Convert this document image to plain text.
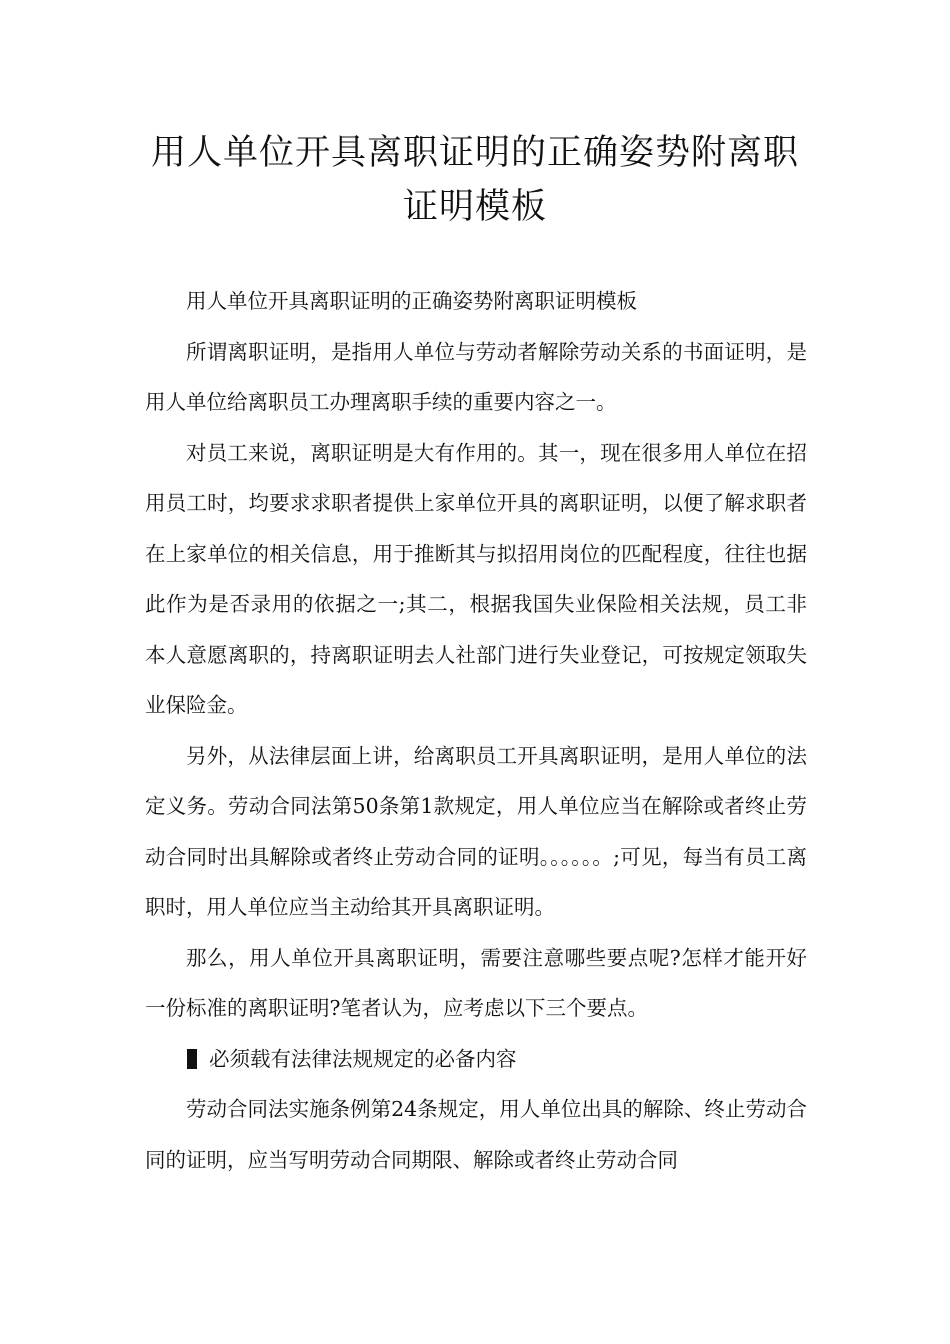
用人单位开具离职证明的正确姿势附离职证明模板

用人单位开具离职证明的正确姿势附离职证明模板

所谓离职证明，是指用人单位与劳动者解除劳动关系的书面证明，是用人单位给离职员工办理离职手续的重要内容之一。

对员工来说，离职证明是大有作用的。其一，现在很多用人单位在招用员工时，均要求求职者提供上家单位开具的离职证明，以便了解求职者在上家单位的相关信息，用于推断其与拟招用岗位的匹配程度，往往也据此作为是否录用的依据之一;其二，根据我国失业保险相关法规，员工非本人意愿离职的，持离职证明去人社部门进行失业登记，可按规定领取失业保险金。

另外，从法律层面上讲，给离职员工开具离职证明，是用人单位的法定义务。劳动合同法第50条第1款规定，用人单位应当在解除或者终止劳动合同时出具解除或者终止劳动合同的证明。。。。。。;可见，每当有员工离职时，用人单位应当主动给其开具离职证明。

那么，用人单位开具离职证明，需要注意哪些要点呢?怎样才能开好一份标准的离职证明?笔者认为，应考虑以下三个要点。

必须载有法律法规规定的必备内容

劳动合同法实施条例第24条规定，用人单位出具的解除、终止劳动合同的证明，应当写明劳动合同期限、解除或者终止劳动合同
